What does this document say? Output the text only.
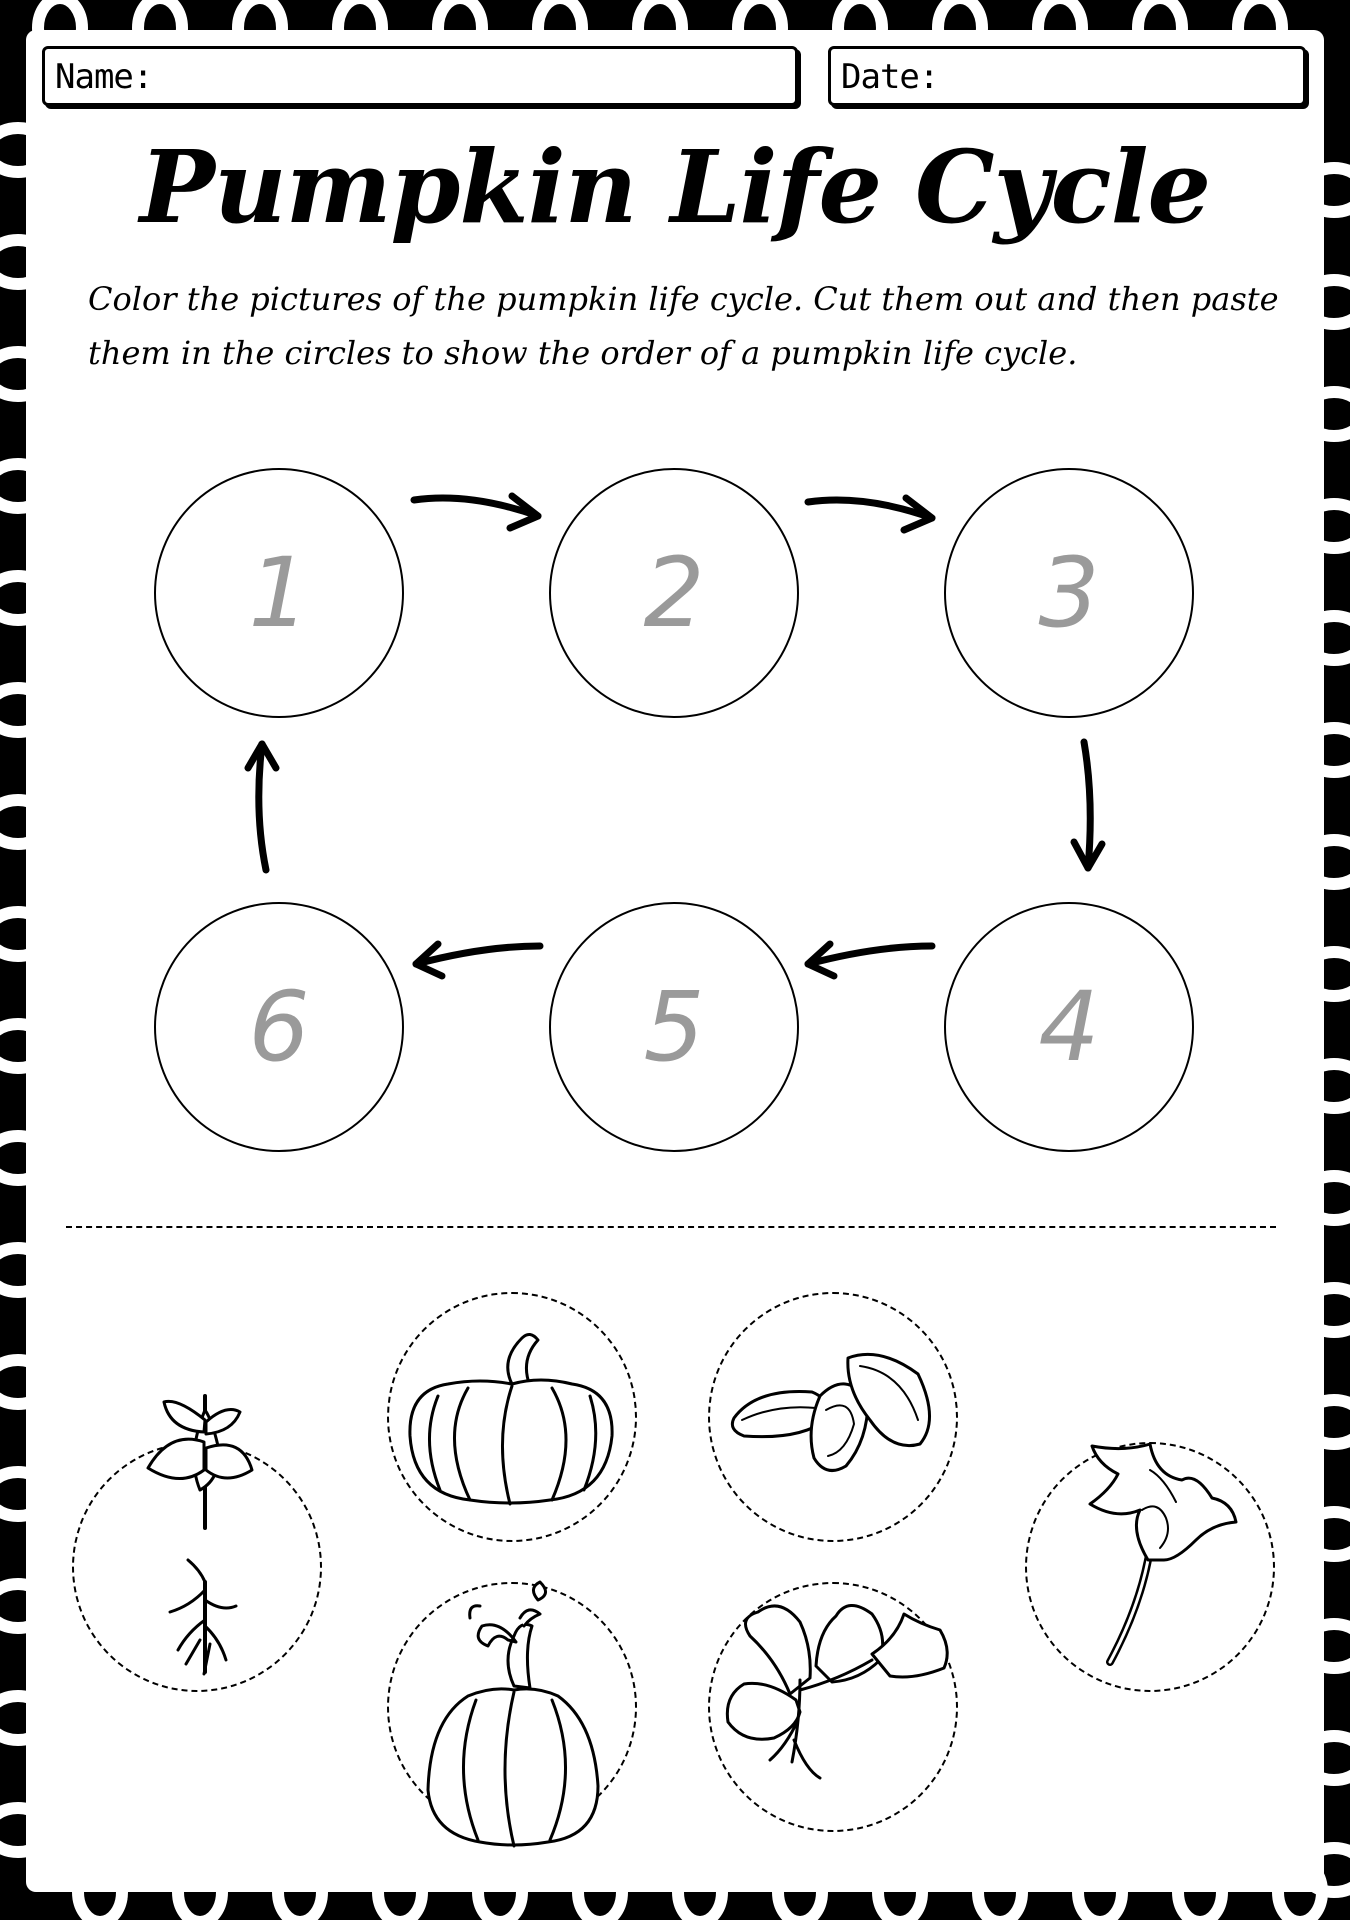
Name:	Date:
Pumpkin Life Cycle
Color the pictures of the pumpkin life cycle. Cut them out and then paste
them in the circles to show the order of a pumpkin life cycle.
1	2	3
4
5
6
